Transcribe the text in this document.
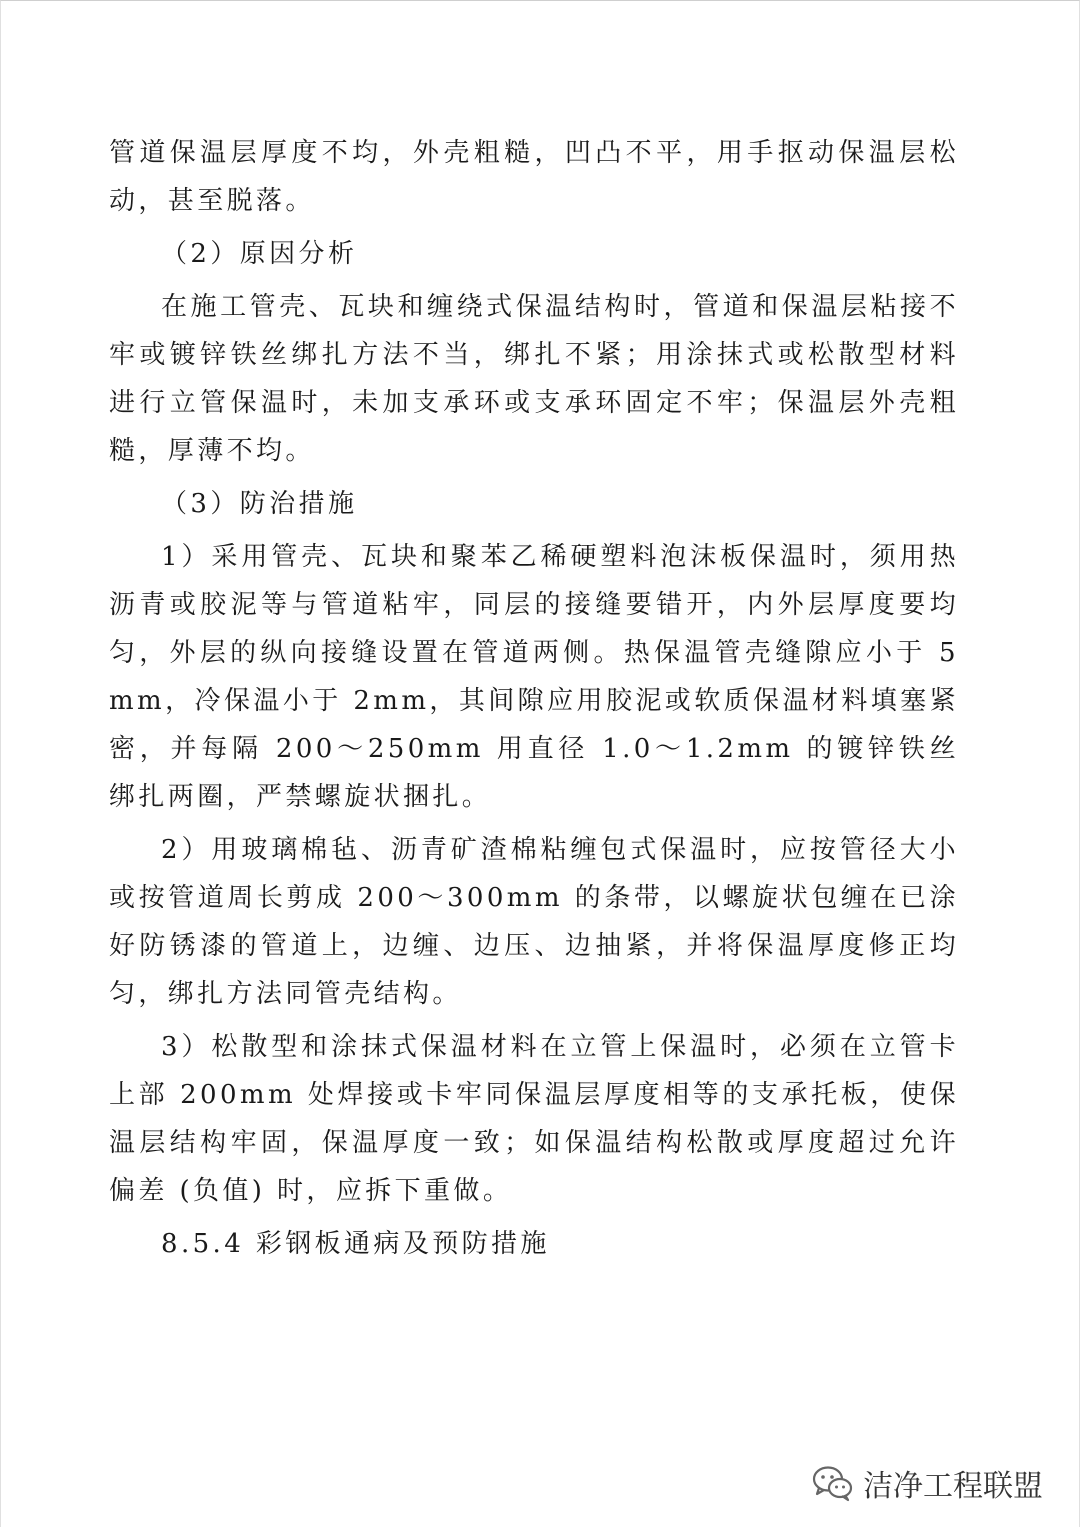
管道保温层厚度不均，外壳粗糙，凹凸不平，用手抠动保温层松动，甚至脱落。

（2）原因分析

在施工管壳、瓦块和缠绕式保温结构时，管道和保温层粘接不牢或镀锌铁丝绑扎方法不当，绑扎不紧；用涂抹式或松散型材料进行立管保温时，未加支承环或支承环固定不牢；保温层外壳粗糙，厚薄不均。

（3）防治措施

1）采用管壳、瓦块和聚苯乙稀硬塑料泡沫板保温时，须用热沥青或胶泥等与管道粘牢，同层的接缝要错开，内外层厚度要均匀，外层的纵向接缝设置在管道两侧。热保温管壳缝隙应小于 5mm，冷保温小于 2mm，其间隙应用胶泥或软质保温材料填塞紧密，并每隔 200～250mm 用直径 1.0～1.2mm 的镀锌铁丝绑扎两圈，严禁螺旋状捆扎。

2）用玻璃棉毡、沥青矿渣棉粘缠包式保温时，应按管径大小或按管道周长剪成 200～300mm 的条带，以螺旋状包缠在已涂好防锈漆的管道上，边缠、边压、边抽紧，并将保温厚度修正均匀，绑扎方法同管壳结构。

3）松散型和涂抹式保温材料在立管上保温时，必须在立管卡上部 200mm 处焊接或卡牢同保温层厚度相等的支承托板，使保温层结构牢固，保温厚度一致；如保温结构松散或厚度超过允许偏差 (负值) 时，应拆下重做。

8.5.4 彩钢板通病及预防措施

洁净工程联盟
